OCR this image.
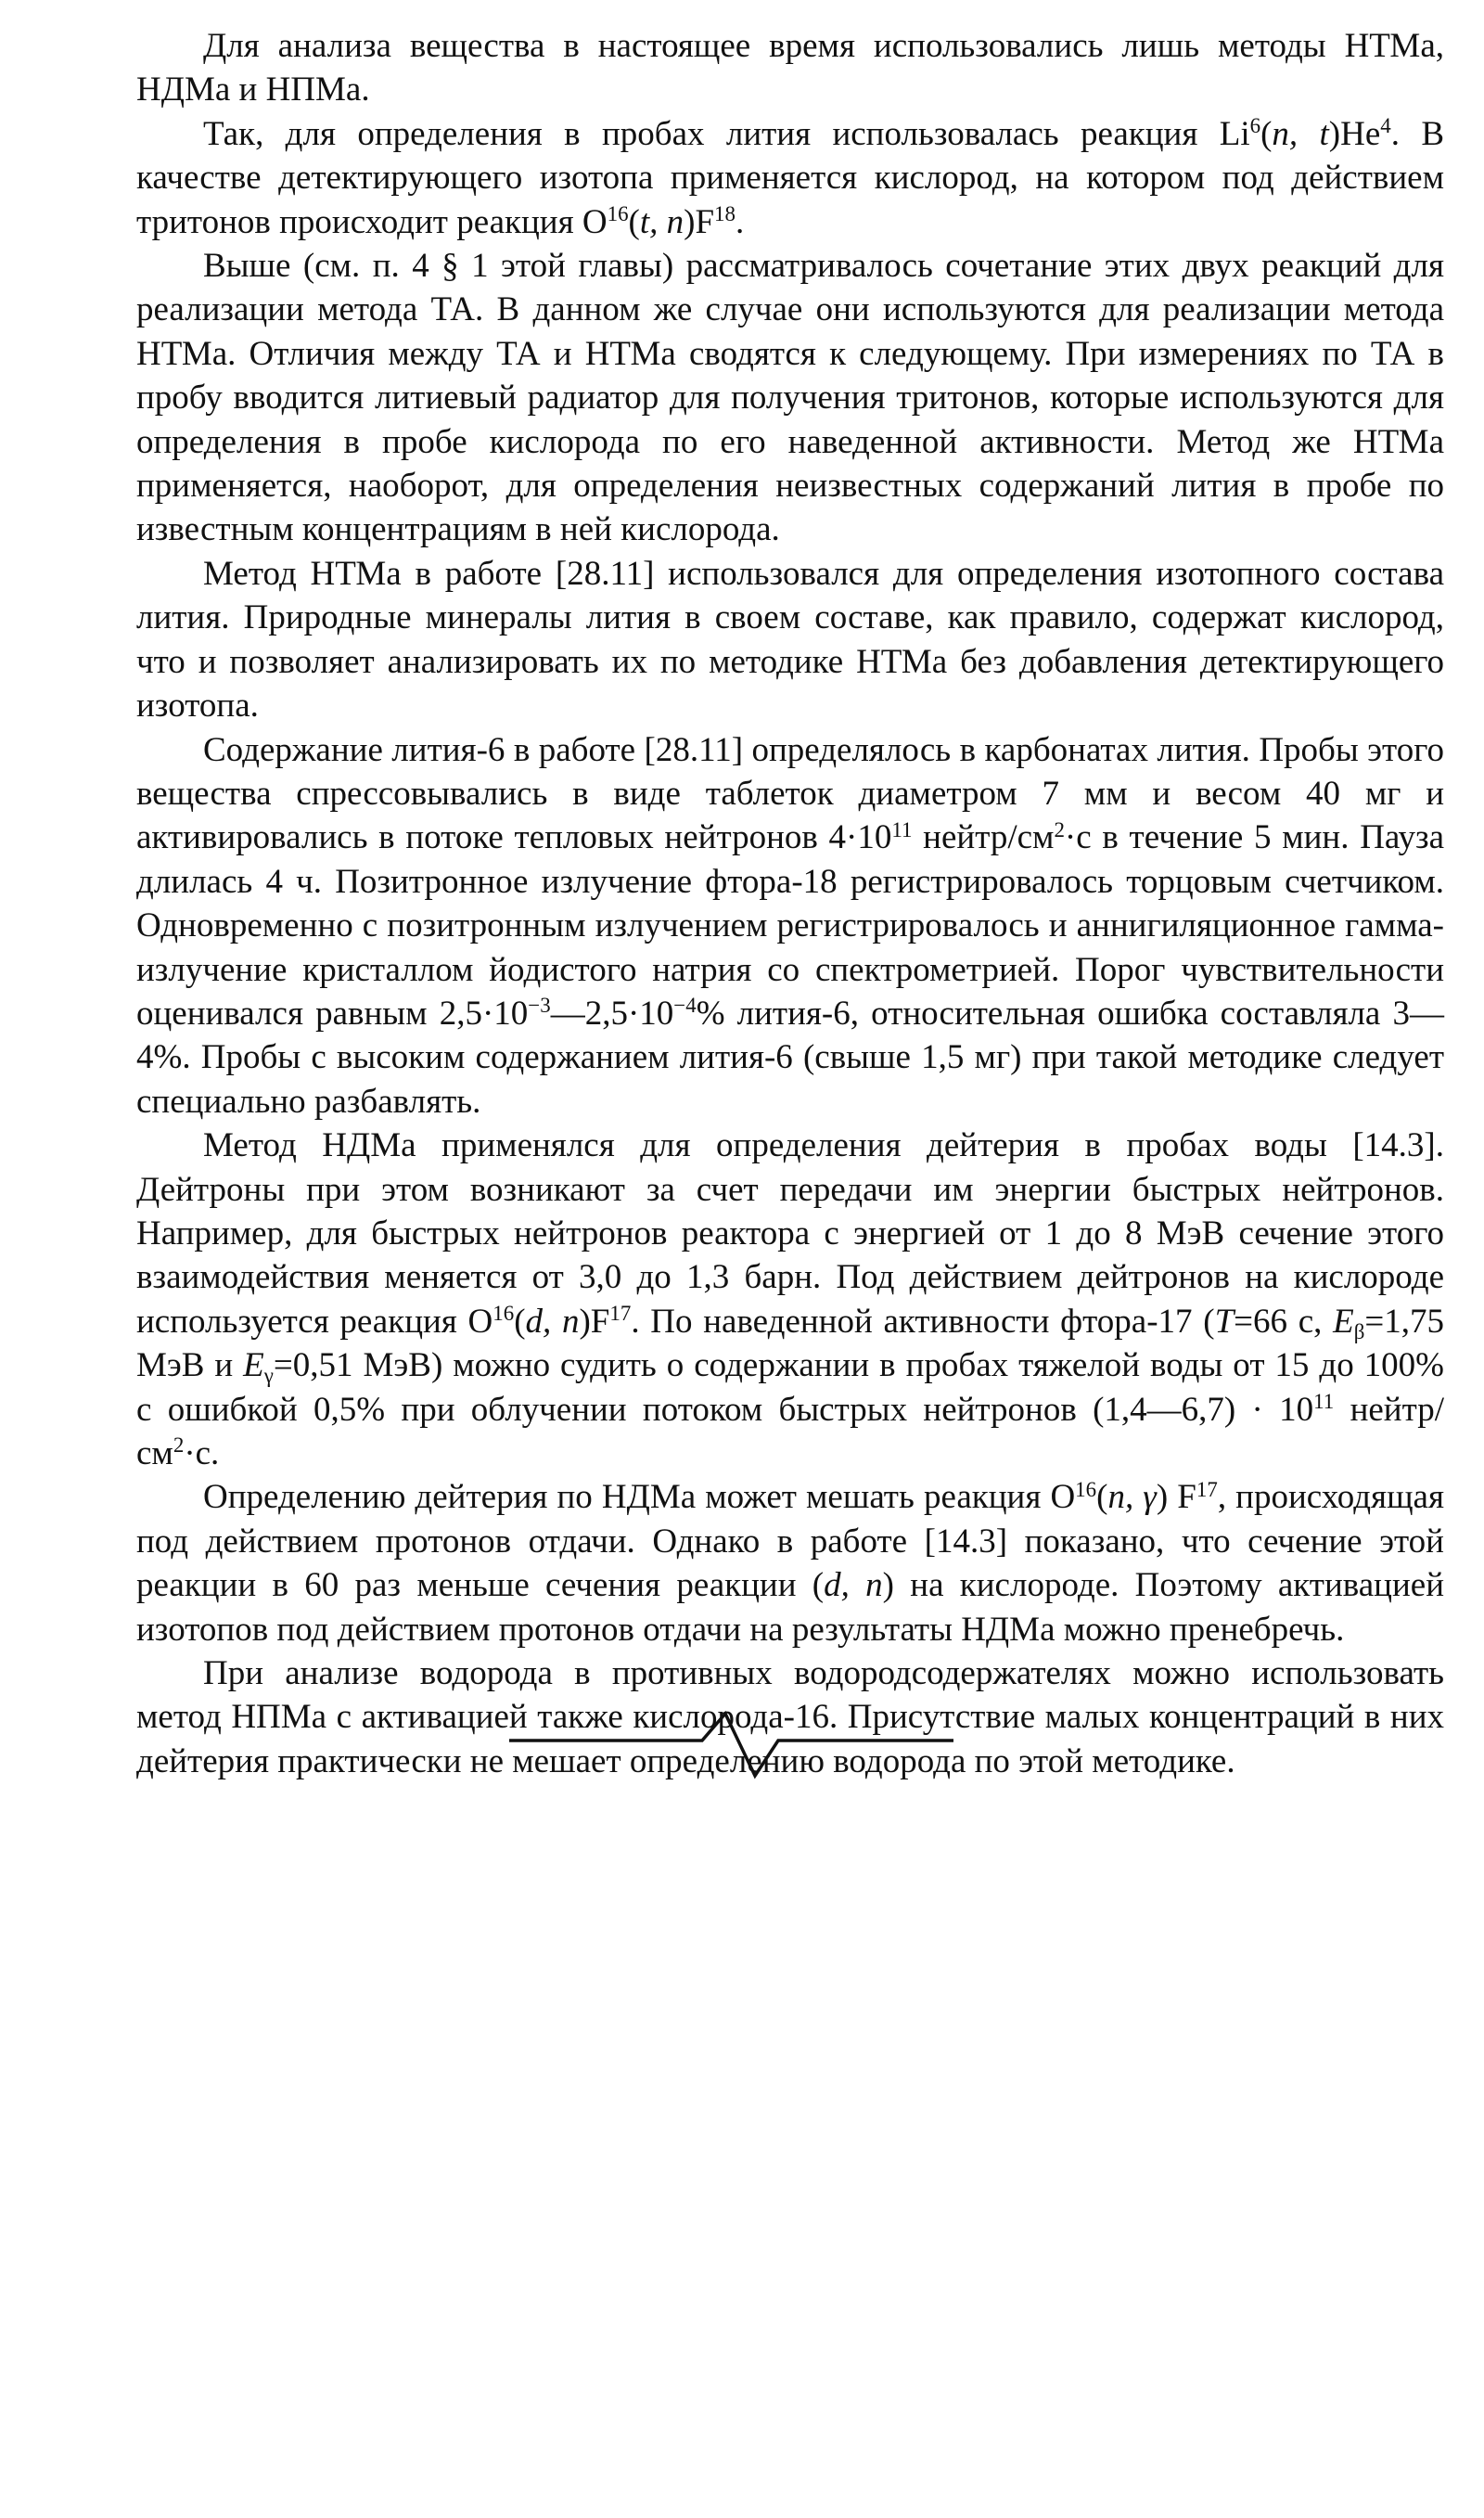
Для анализа вещества в настоящее время использовались лишь методы НТМа, НДМа и НПМа.

Так, для определения в пробах лития использовалась реакция Li$^6$(n, t)He$^4$. В качестве детектирующего изотопа применяется кислород, на котором под действием тритонов происходит реакция $O^{16}(t$, $n)F^{18}$.

Выше (см. п. 4 § 1 этой главы) рассматривалось сочетание этих двух реакций для реализации метода ТА. В данном же случае они используются для реализации метода НТМа. Отличия между ТА и НТМа сводятся к следующему. При измерениях по ТА в пробу вводится литиевый радиатор для получения тритонов, которые используются для определения в пробе кислорода по его наведенной активности. Метод же НТМа применяется, наоборот, для определения неизвестных содержаний лития в пробе по известным концентрациям в ней кислорода.

Метод НТМа в работе [28.11] использовался для определения изотопного состава лития. Природные минералы лития в своем составе, как правило, содержат кислород, что и позволяет анализировать их по методике НТМа без добавления детектирующего изотопа.

Содержание лития-6 в работе [28.11] определялось в карбонатах лития. Пробы этого вещества спрессовывались в виде таблеток диаметром 7 мм и весом 40 мг и активировались в потоке тепловых нейтронов $4\cdot 10^{11}$ нейтр/$см^2\cdot с$ в течение 5 мин. Пауза длилась 4 ч. Позитронное излучение фтора-18 регистрировалось торцовым счетчиком. Одновременно с позитронным излучением регистрировалось и аннигиляционное гамма-излучение кристаллом йодистого натрия со спектрометрией. Порог чувствительности оценивался равным $2,5\cdot 10^{-3}—2,5\cdot 10^{-4}\%$ лития-6, относительная ошибка составляла 3—4%. Пробы с высоким содержанием лития-6 (свыше 1,5 мг) при такой методике следует специально разбавлять.

Метод НДМа применялся для определения дейтерия в пробах воды [14.3]. Дейтроны при этом возникают за счет передачи им энергии быстрых нейтронов. Например, для быстрых нейтронов реактора с энергией от 1 до 8 МэВ сечение этого взаимодействия меняется от 3,0 до 1,3 барн. Под действием дейтронов на кислороде используется реакция $O^{16}(d$, $n)F^{17}$. По наведенной активности фтора-17 (T=66 с, $E_\beta=1,75$ МэВ и $E_\gamma=0,51$ МэВ) можно судить о содержании в пробах тяжелой воды от 15 до 100% с ошибкой 0,5% при облучении потоком быстрых нейтронов (1,4—6,7) · $10^{11}$ нейтр/$см^2\cdot с$.

Определению дейтерия по НДМа может мешать реакция $O^{16}(n$, γ) $F^{17}$, происходящая под действием протонов отдачи. Однако в работе [14.3] показано, что сечение этой реакции в 60 раз меньше сечения реакции (d, n) на кислороде. Поэтому активацией изотопов под действием протонов отдачи на результаты НДМа можно пренебречь.

При анализе водорода в противных водородсодержателях можно использовать метод НПМа с активацией также кислорода-16. Присутствие малых концентраций в них дейтерия практически не мешает определению водорода по этой методике.
